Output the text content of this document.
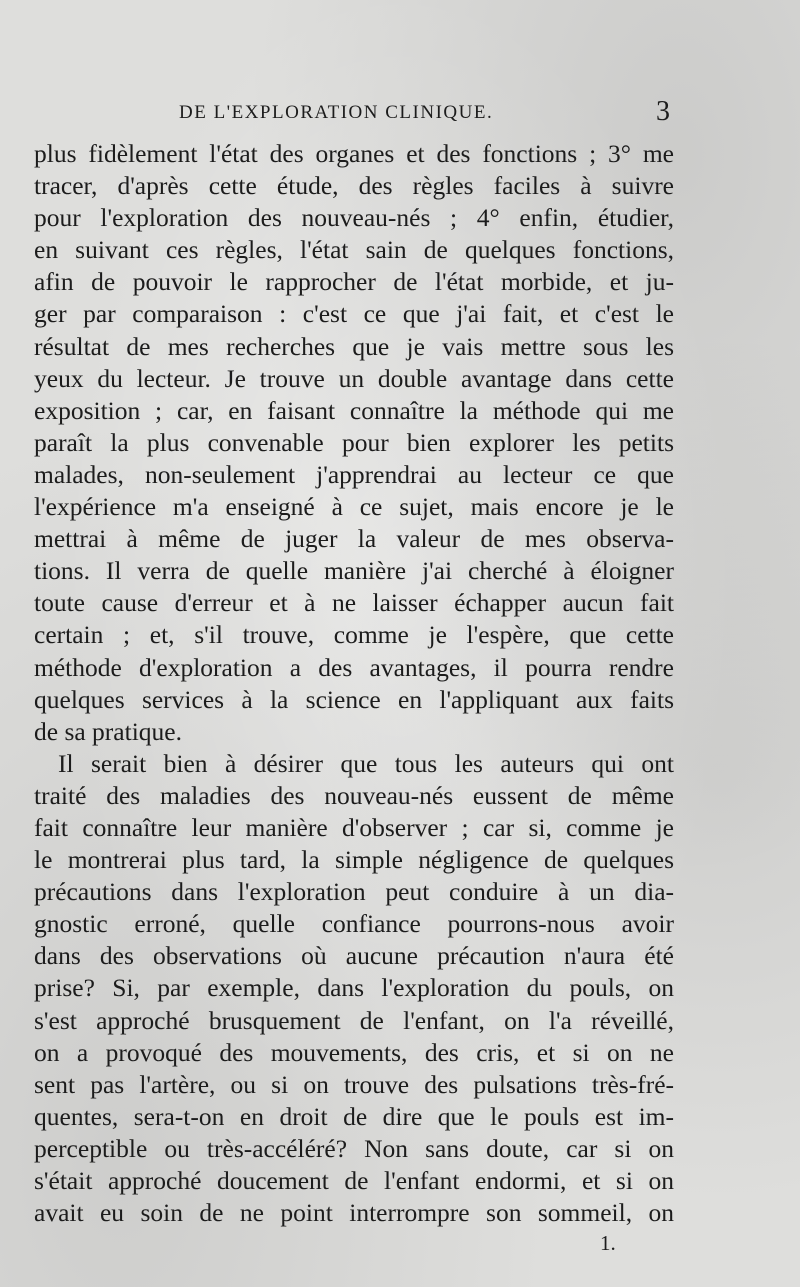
DE L'EXPLORATION CLINIQUE.	3
plus fidèlement l'état des organes et des fonctions ; 3° me
tracer, d'après cette étude, des règles faciles à suivre
pour l'exploration des nouveau-nés ; 4° enfin, étudier,
en suivant ces règles, l'état sain de quelques fonctions,
afin de pouvoir le rapprocher de l'état morbide, et ju-
ger par comparaison : c'est ce que j'ai fait, et c'est le
résultat de mes recherches que je vais mettre sous les
yeux du lecteur. Je trouve un double avantage dans cette
exposition ; car, en faisant connaître la méthode qui me
paraît la plus convenable pour bien explorer les petits
malades, non-seulement j'apprendrai au lecteur ce que
l'expérience m'a enseigné à ce sujet, mais encore je le
mettrai à même de juger la valeur de mes observa-
tions. Il verra de quelle manière j'ai cherché à éloigner
toute cause d'erreur et à ne laisser échapper aucun fait
certain ; et, s'il trouve, comme je l'espère, que cette
méthode d'exploration a des avantages, il pourra rendre
quelques services à la science en l'appliquant aux faits
de sa pratique.
Il serait bien à désirer que tous les auteurs qui ont
traité des maladies des nouveau-nés eussent de même
fait connaître leur manière d'observer ; car si, comme je
le montrerai plus tard, la simple négligence de quelques
précautions dans l'exploration peut conduire à un dia-
gnostic erroné, quelle confiance pourrons-nous avoir
dans des observations où aucune précaution n'aura été
prise? Si, par exemple, dans l'exploration du pouls, on
s'est approché brusquement de l'enfant, on l'a réveillé,
on a provoqué des mouvements, des cris, et si on ne
sent pas l'artère, ou si on trouve des pulsations très-fré-
quentes, sera-t-on en droit de dire que le pouls est im-
perceptible ou très-accéléré? Non sans doute, car si on
s'était approché doucement de l'enfant endormi, et si on
avait eu soin de ne point interrompre son sommeil, on
1.
